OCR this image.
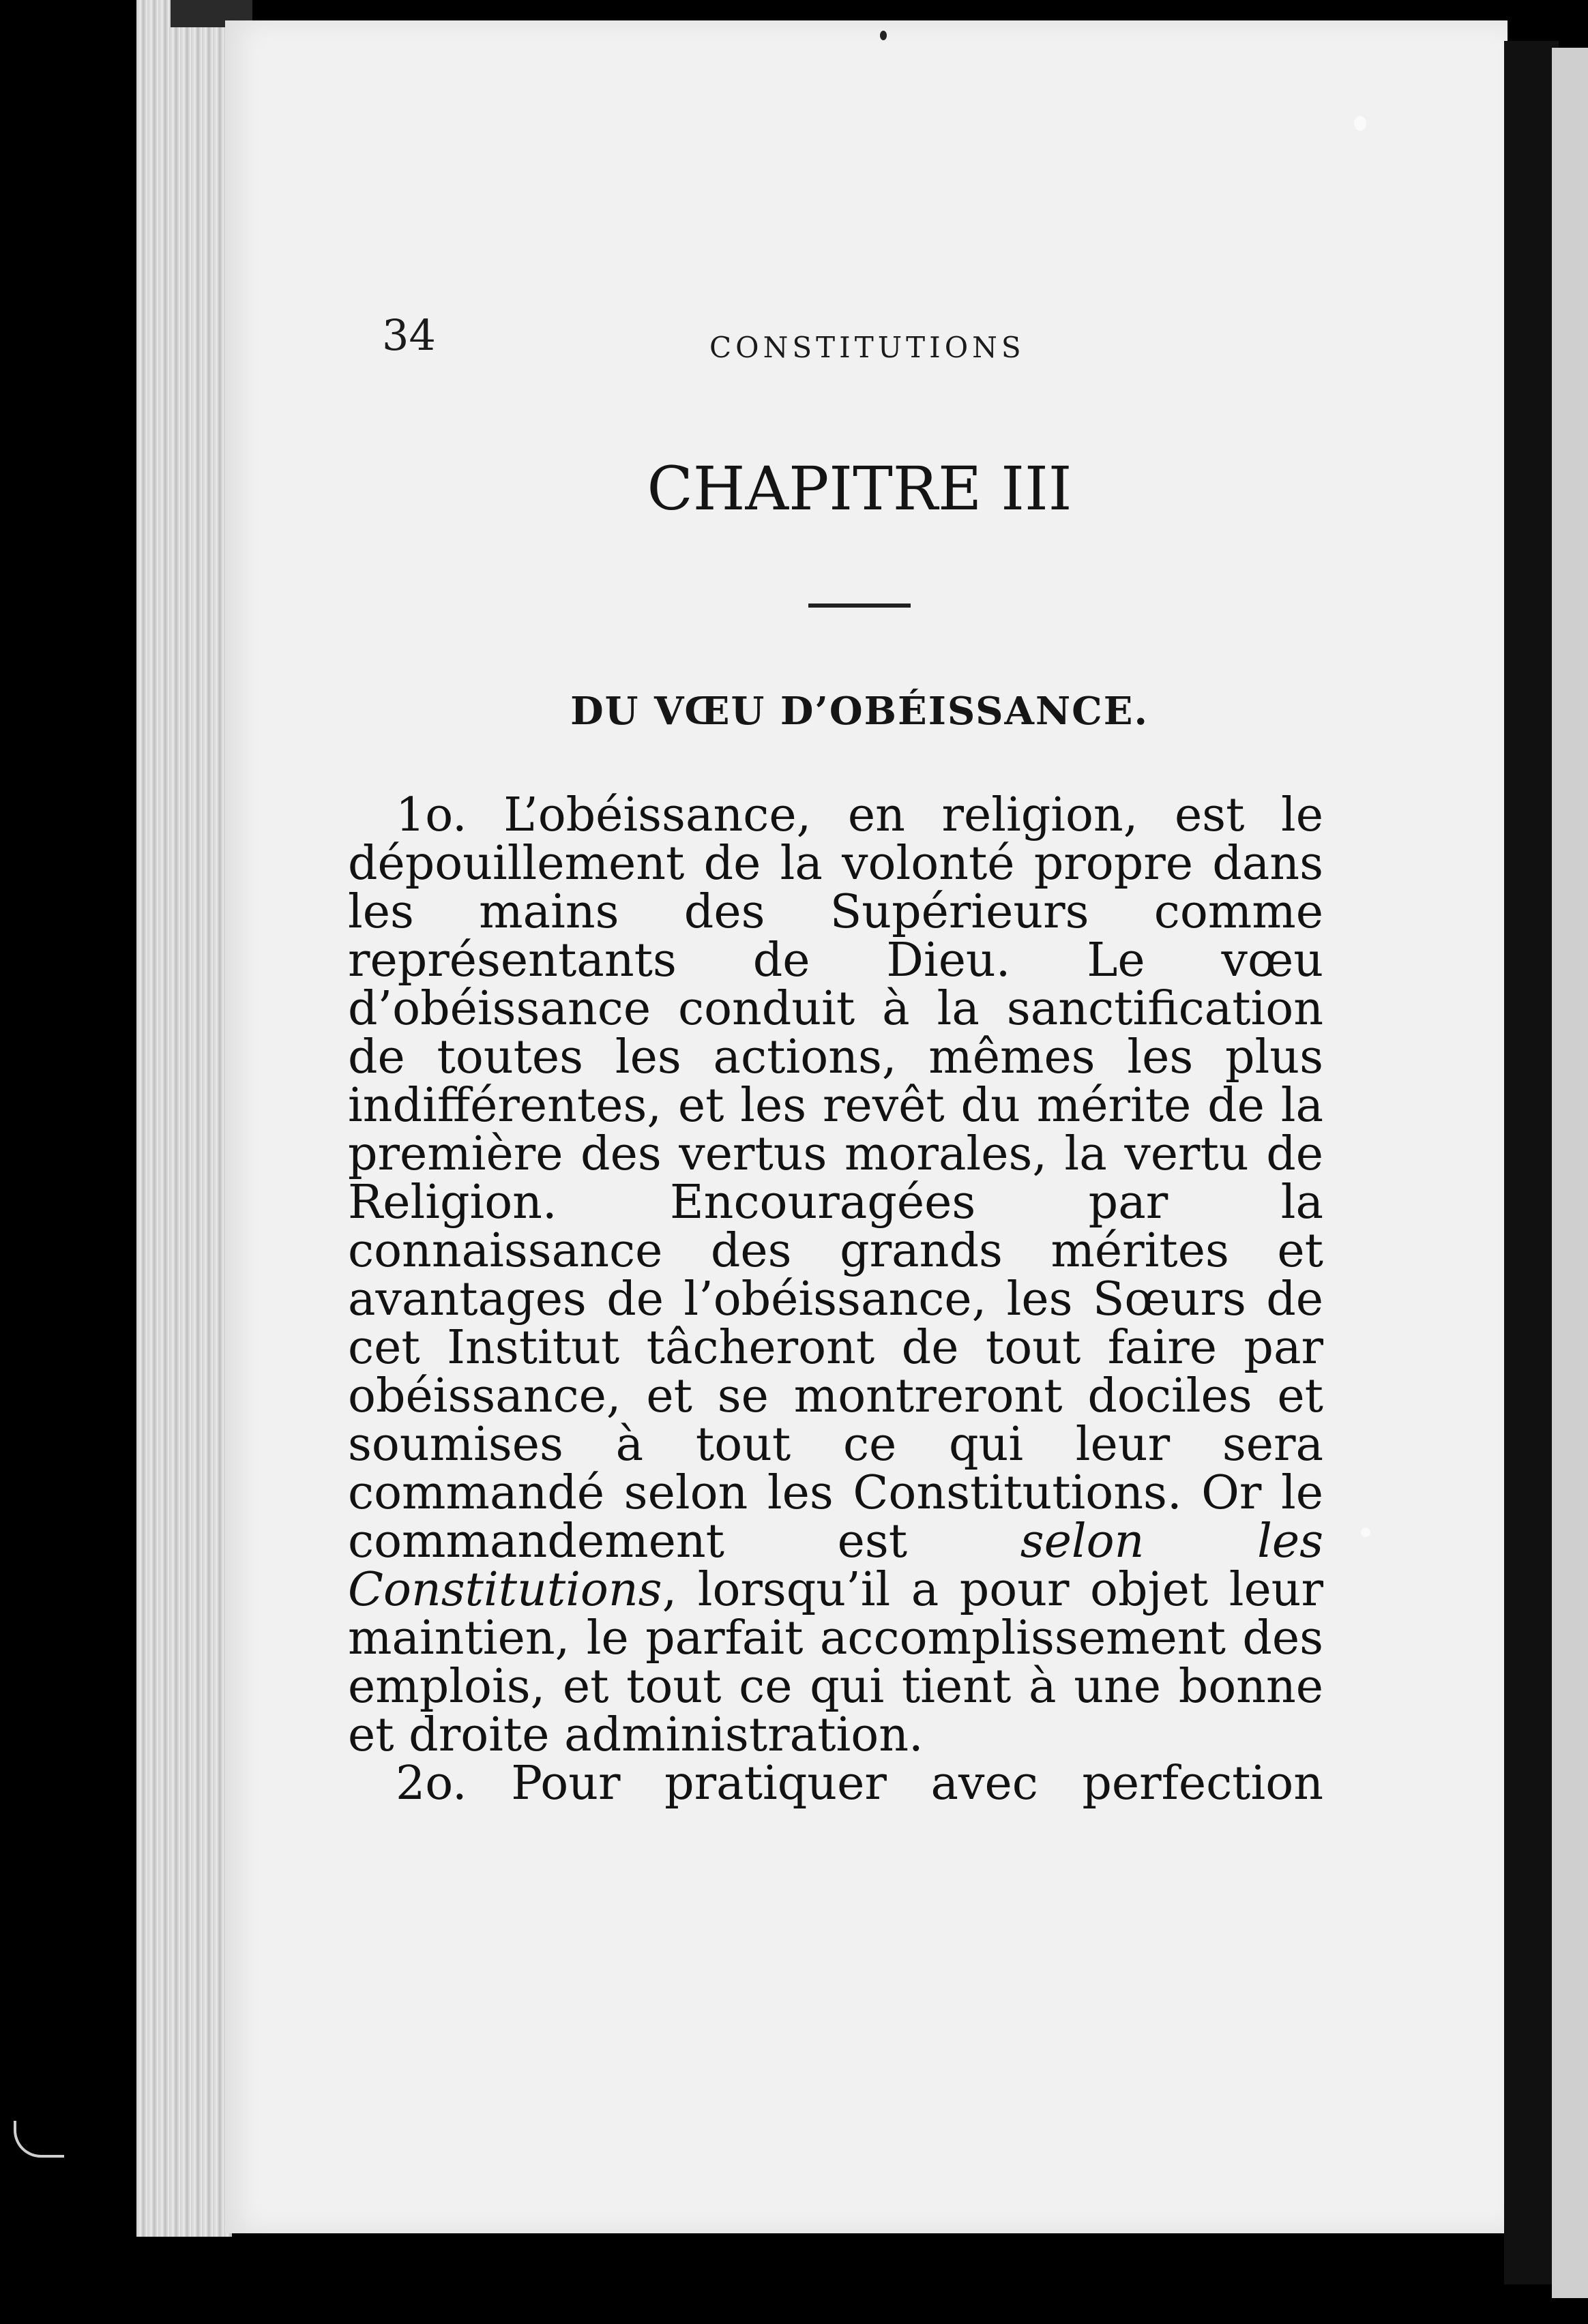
34	CONSTITUTIONS
CHAPITRE III
DU VŒU D’OBÉISSANCE.

1o. L’obéissance, en religion, est le dépouillement de la volonté propre dans les mains des Supérieurs comme représentants de Dieu. Le vœu d’obéissance conduit à la sanctification de toutes les actions, mêmes les plus indifférentes, et les revêt du mérite de la première des vertus morales, la vertu de Religion. Encouragées par la connaissance des grands mérites et avantages de l’obéissance, les Sœurs de cet Institut tâcheront de tout faire par obéissance, et se montreront dociles et soumises à tout ce qui leur sera commandé selon les Constitutions. Or le commandement est selon les Constitutions, lorsqu’il a pour objet leur maintien, le parfait accomplissement des emplois, et tout ce qui tient à une bonne et droite administration.

2o. Pour pratiquer avec perfection
